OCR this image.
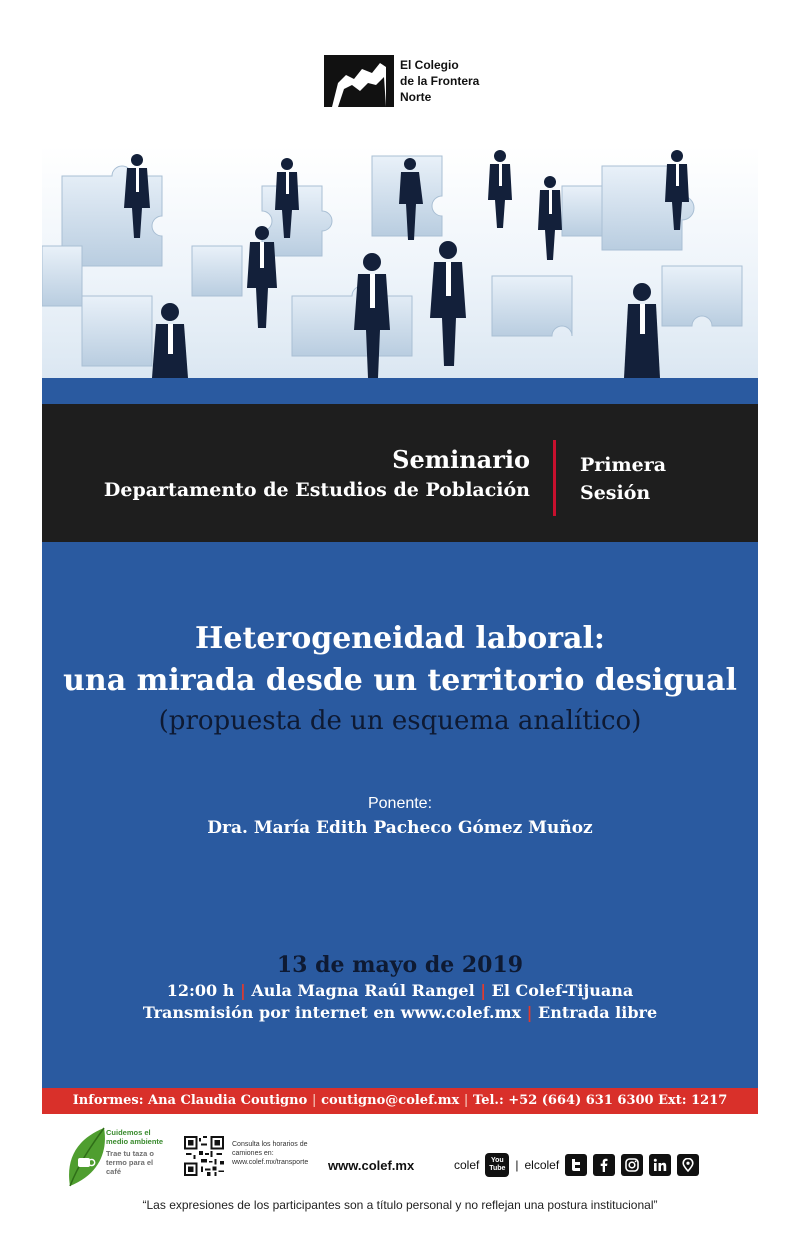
El Colegio
de la Frontera
Norte
Seminario
Departamento de Estudios de Población
Primera
Sesión
Heterogeneidad laboral:
una mirada desde un territorio desigual
(propuesta de un esquema analítico)
Ponente:
Dra. María Edith Pacheco Gómez Muñoz
13 de mayo de 2019
12:00 h | Aula Magna Raúl Rangel | El Colef-Tijuana
Transmisión por internet en www.colef.mx | Entrada libre
Informes: Ana Claudia Coutigno | coutigno@colef.mx | Tel.: +52 (664) 631 6300 Ext: 1217
Cuidemos el medio ambiente
Trae tu taza o termo para el café
Consulta los horarios de camiones en: www.colef.mx/transporte www.colef.mx	colef	You
Tube | elcolef
“Las expresiones de los participantes son a título personal y no reflejan una postura institucional”
